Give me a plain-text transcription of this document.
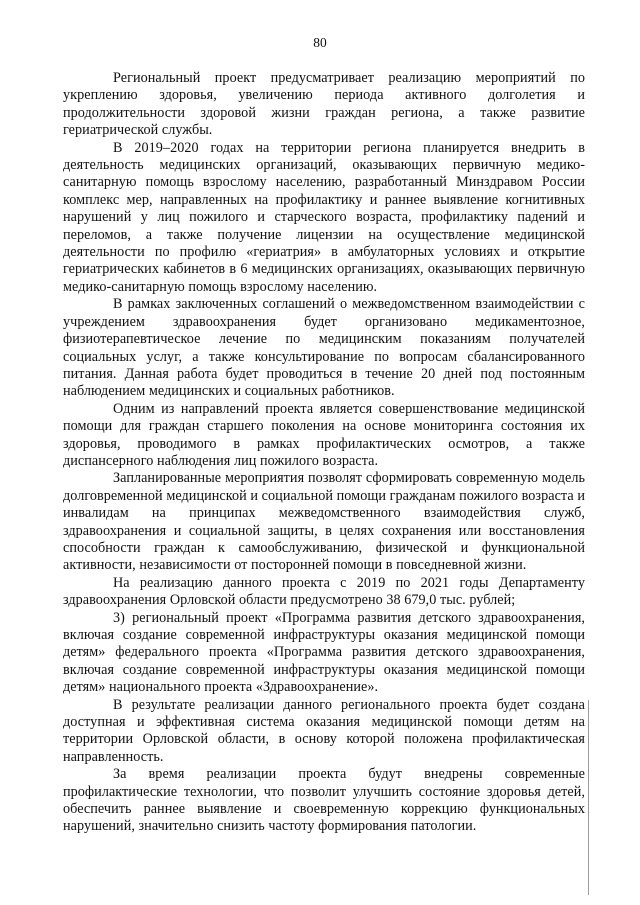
80

Региональный проект предусматривает реализацию мероприятий по укреплению здоровья, увеличению периода активного долголетия и продолжительности здоровой жизни граждан региона, а также развитие гериатрической службы.

В 2019–2020 годах на территории региона планируется внедрить в деятельность медицинских организаций, оказывающих первичную медико-санитарную помощь взрослому населению, разработанный Минздравом России комплекс мер, направленных на профилактику и раннее выявление когнитивных нарушений у лиц пожилого и старческого возраста, профилактику падений и переломов, а также получение лицензии на осуществление медицинской деятельности по профилю «гериатрия» в амбулаторных условиях и открытие гериатрических кабинетов в 6 медицинских организациях, оказывающих первичную медико-санитарную помощь взрослому населению.

В рамках заключенных соглашений о межведомственном взаимодействии с учреждением здравоохранения будет организовано медикаментозное, физиотерапевтическое лечение по медицинским показаниям получателей социальных услуг, а также консультирование по вопросам сбалансированного питания. Данная работа будет проводиться в течение 20 дней под постоянным наблюдением медицинских и социальных работников.

Одним из направлений проекта является совершенствование медицинской помощи для граждан старшего поколения на основе мониторинга состояния их здоровья, проводимого в рамках профилактических осмотров, а также диспансерного наблюдения лиц пожилого возраста.

Запланированные мероприятия позволят сформировать современную модель долговременной медицинской и социальной помощи гражданам пожилого возраста и инвалидам на принципах межведомственного взаимодействия служб, здравоохранения и социальной защиты, в целях сохранения или восстановления способности граждан к самообслуживанию, физической и функциональной активности, независимости от посторонней помощи в повседневной жизни.

На реализацию данного проекта с 2019 по 2021 годы Департаменту здравоохранения Орловской области предусмотрено 38 679,0 тыс. рублей;

3) региональный проект «Программа развития детского здравоохранения, включая создание современной инфраструктуры оказания медицинской помощи детям» федерального проекта «Программа развития детского здравоохранения, включая создание современной инфраструктуры оказания медицинской помощи детям» национального проекта «Здравоохранение».

В результате реализации данного регионального проекта будет создана доступная и эффективная система оказания медицинской помощи детям на территории Орловской области, в основу которой положена профилактическая направленность.

За время реализации проекта будут внедрены современные профилактические технологии, что позволит улучшить состояние здоровья детей, обеспечить раннее выявление и своевременную коррекцию функциональных нарушений, значительно снизить частоту формирования патологии.
